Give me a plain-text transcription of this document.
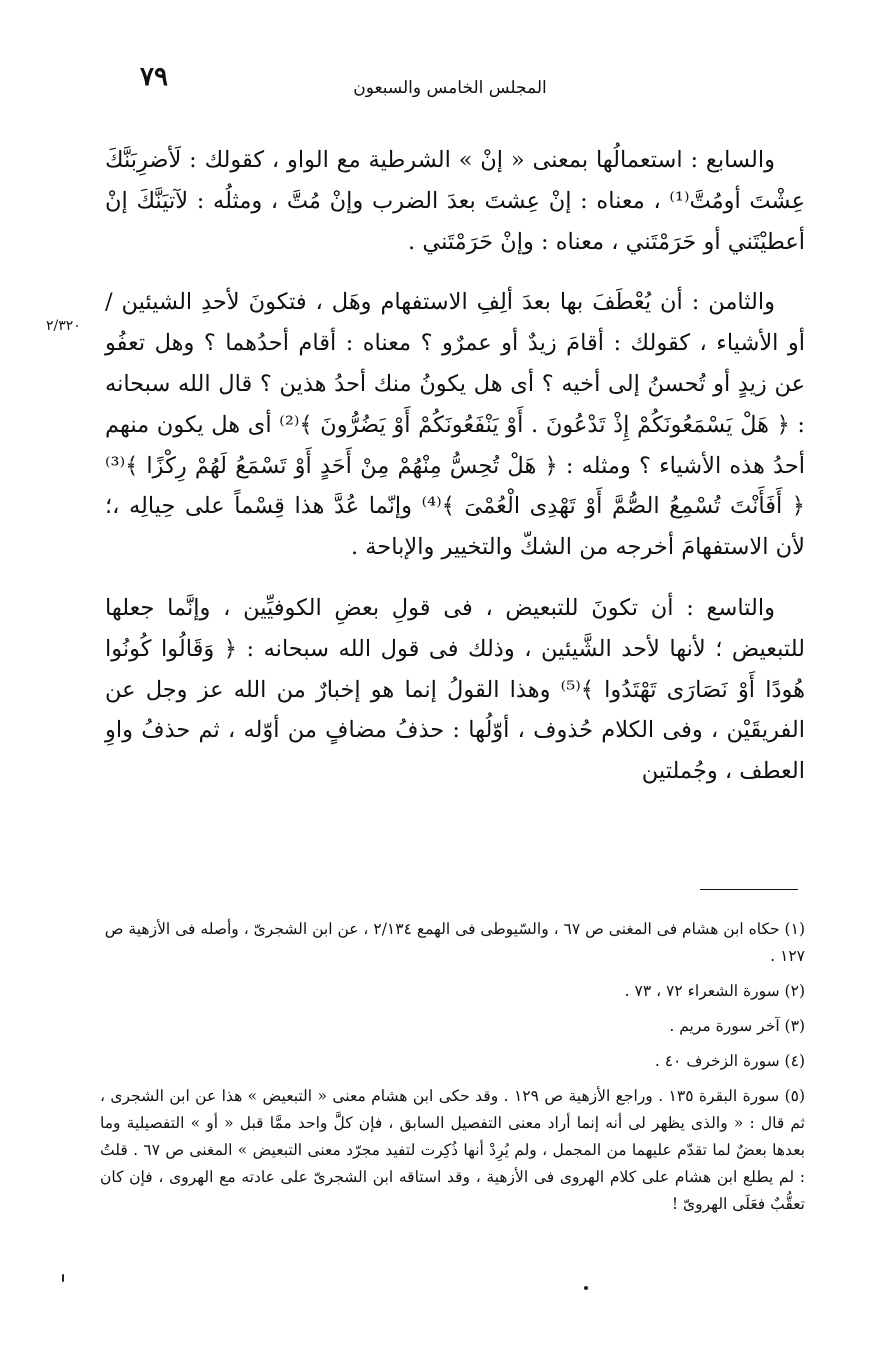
٧٩	المجلس الخامس والسبعون
٢/٣٢٠

والسابع : استعمالُها بمعنى « إنْ » الشرطية مع الواو ، كقولك : لَأضرِبَنَّكَ عِشْتَ أومُتَّ⁽¹⁾ ، معناه : إنْ عِشتَ بعدَ الضرب وإنْ مُتَّ ، ومثلُه : لآتيَنَّكَ إنْ أعطيْتَني أو حَرَمْتَني ، معناه : وإنْ حَرَمْتَني .

والثامن : أن يُعْطَفَ بها بعدَ ألِفِ الاستفهام وهَل ، فتكونَ لأحدِ الشيئين / أو الأشياء ، كقولك : أقامَ زيدٌ أو عمرٌو ؟ معناه : أقام أحدُهما ؟ وهل تعفُو عن زيدٍ أو تُحسنُ إلى أخيه ؟ أى هل يكونُ منك أحدُ هذين ؟ قال الله سبحانه : ﴿ هَلْ يَسْمَعُونَكُمْ إِذْ تَدْعُونَ . أَوْ يَنْفَعُونَكُمْ أَوْ يَضُرُّونَ ﴾⁽²⁾ أى هل يكون منهم أحدُ هذه الأشياء ؟ ومثله : ﴿ هَلْ تُحِسُّ مِنْهُمْ مِنْ أَحَدٍ أَوْ تَسْمَعُ لَهُمْ رِكْزًا ﴾⁽³⁾ ﴿ أَفَأَنْتَ تُسْمِعُ الصُّمَّ أَوْ تَهْدِى الْعُمْىَ ﴾⁽⁴⁾ وإنّما عُدَّ هذا قِسْماً على حِيالِه ،؛ لأن الاستفهامَ أخرجه من الشكّ والتخيير والإباحة .

والتاسع : أن تكونَ للتبعيض ، فى قولِ بعضِ الكوفيِّين ، وإنَّما جعلها للتبعيض ؛ لأنها لأحد الشَّيئين ، وذلك فى قول الله سبحانه : ﴿ وَقَالُوا كُونُوا هُودًا أَوْ نَصَارَى تَهْتَدُوا ﴾⁽⁵⁾ وهذا القولُ إنما هو إخبارٌ من الله عز وجل عن الفريقَيْن ، وفى الكلام حُذوف ، أوّلُها : حذفُ مضافٍ من أوّله ، ثم حذفُ واوِ العطف ، وجُملتين

(١) حكاه ابن هشام فى المغنى ص ٦٧ ، والسّيوطى فى الهمع ٢/١٣٤ ، عن ابن الشجرىّ ، وأصله فى الأزهية ص ١٢٧ .

(٢) سورة الشعراء ٧٢ ، ٧٣ .

(٣) آخر سورة مريم .

(٤) سورة الزخرف ٤٠ .

(٥) سورة البقرة ١٣٥ . وراجع الأزهية ص ١٢٩ . وقد حكى ابن هشام معنى « التبعيض » هذا عن ابن الشجرى ، ثم قال : « والذى يظهر لى أنه إنما أراد معنى التفصيل السابق ، فإن كلَّ واحد ممَّا قبل « أو » التفصيلية وما بعدها بعضٌ لما تقدّم عليهما من المجمل ، ولم يُرِدْ أنها ذُكِرت لتفيد مجرّد معنى التبعيض » المغنى ص ٦٧ . قلتُ : لم يطلع ابن هشام على كلام الهروى فى الأزهية ، وقد استاقه ابن الشجرىّ على عادته مع الهروى ، فإن كان تعقُّبٌ فعَلَى الهروىّ !
